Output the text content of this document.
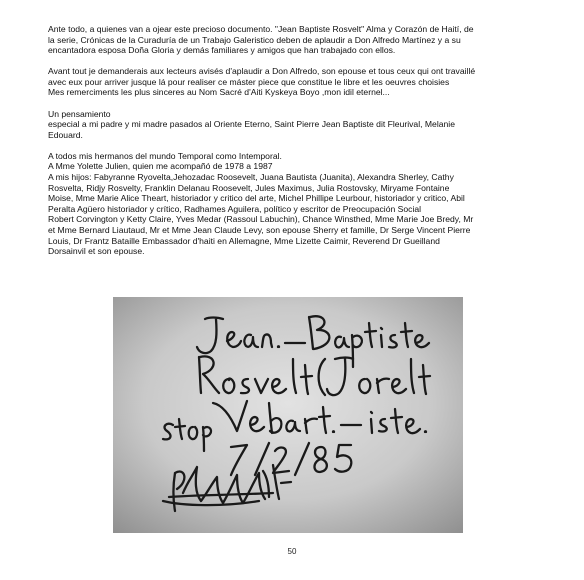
Ante todo, a quienes van a ojear este precioso documento. "Jean Baptiste Rosvelt" Alma y Corazón de Haití, de
la serie, Crónicas de la Curaduría de un Trabajo Galeristico deben de aplaudir a Don Alfredo Martínez y a su
encantadora esposa Doña Gloria y demás familiares y amigos que han trabajado con ellos.

Avant tout je demanderais aux lecteurs avisés d'aplaudir a Don Alfredo, son epouse et tous ceux qui ont travaillé
avec eux pour arriver jusque lá pour realiser ce máster piece que constitue le libre et les oeuvres choisies
Mes remerciments les plus sinceres au Nom Sacré d'Aiti Kyskeya Boyo ,mon idil eternel...

Un pensamiento
especial a mi padre y mi madre pasados al Oriente Eterno, Saint Pierre Jean Baptiste dit Fleurival, Melanie
Edouard.

A todos mis hermanos del mundo Temporal como Intemporal.
A Mme Yolette Julien, quien me acompañó de 1978 a 1987
A mis hijos: Fabyranne Ryovelta,Jehozadac Roosevelt, Juana Bautista (Juanita), Alexandra Sherley, Cathy
Rosvelta, Ridjy Rosvelty, Franklin Delanau Roosevelt, Jules Maximus, Julia Rostovsky, Miryame Fontaine
Moise, Mme Marie Alice Theart, historiador y critico del arte, Michel Phillipe Leurbour, historiador y critico, Abil
Peralta Agüero historiador y crítico, Radhames Aguilera, político y escritor de Preocupación Social
Robert Corvington y Ketty Claire, Yves Medar (Rassoul Labuchin), Chance Winsthed, Mme Marie Joe Bredy, Mr
et Mme Bernard Liautaud, Mr et Mme Jean Claude Levy, son epouse Sherry et famille, Dr Serge Vincent Pierre
Louis, Dr Frantz Bataille Embassador d'haiti en Allemagne, Mme Lizette Caimir, Reverend Dr Gueilland
Dorsainvil et son epouse.

50
